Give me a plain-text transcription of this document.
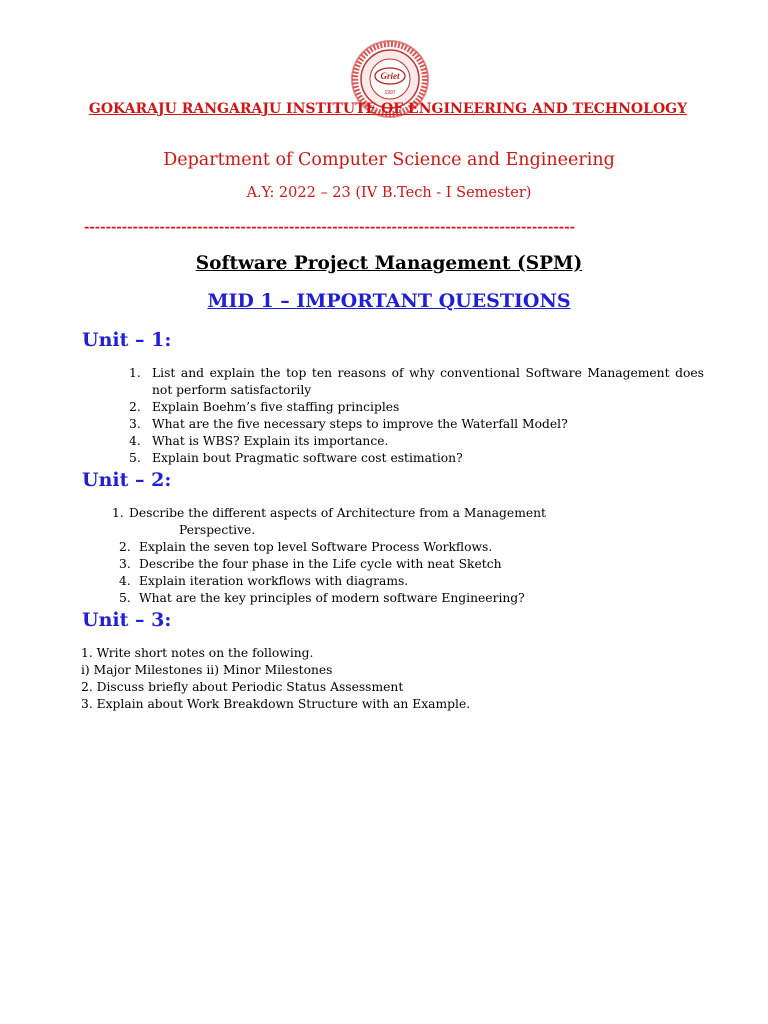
Griet
1997
GOKARAJU RANGARAJU INSTITUTE OF ENGINEERING AND TECHNOLOGY
Department of Computer Science and Engineering
A.Y: 2022 – 23 (IV B.Tech - I Semester)
-------------------------------------------------------------------------------------------
Software Project Management (SPM)
MID 1 – IMPORTANT QUESTIONS
Unit – 1:
1. List and explain the top ten reasons of why conventional Software Management does not perform satisfactorily
2. Explain Boehm’s five staffing principles
3. What are the five necessary steps to improve the Waterfall Model?
4. What is WBS? Explain its importance.
5. Explain bout Pragmatic software cost estimation?
Unit – 2:
1. Describe the different aspects of Architecture from a Management
Perspective.
2. Explain the seven top level Software Process Workflows.
3. Describe the four phase in the Life cycle with neat Sketch
4. Explain iteration workflows with diagrams.
5. What are the key principles of modern software Engineering?
Unit – 3:
1. Write short notes on the following.
i) Major Milestones ii) Minor Milestones
2. Discuss briefly about Periodic Status Assessment
3. Explain about Work Breakdown Structure with an Example.
